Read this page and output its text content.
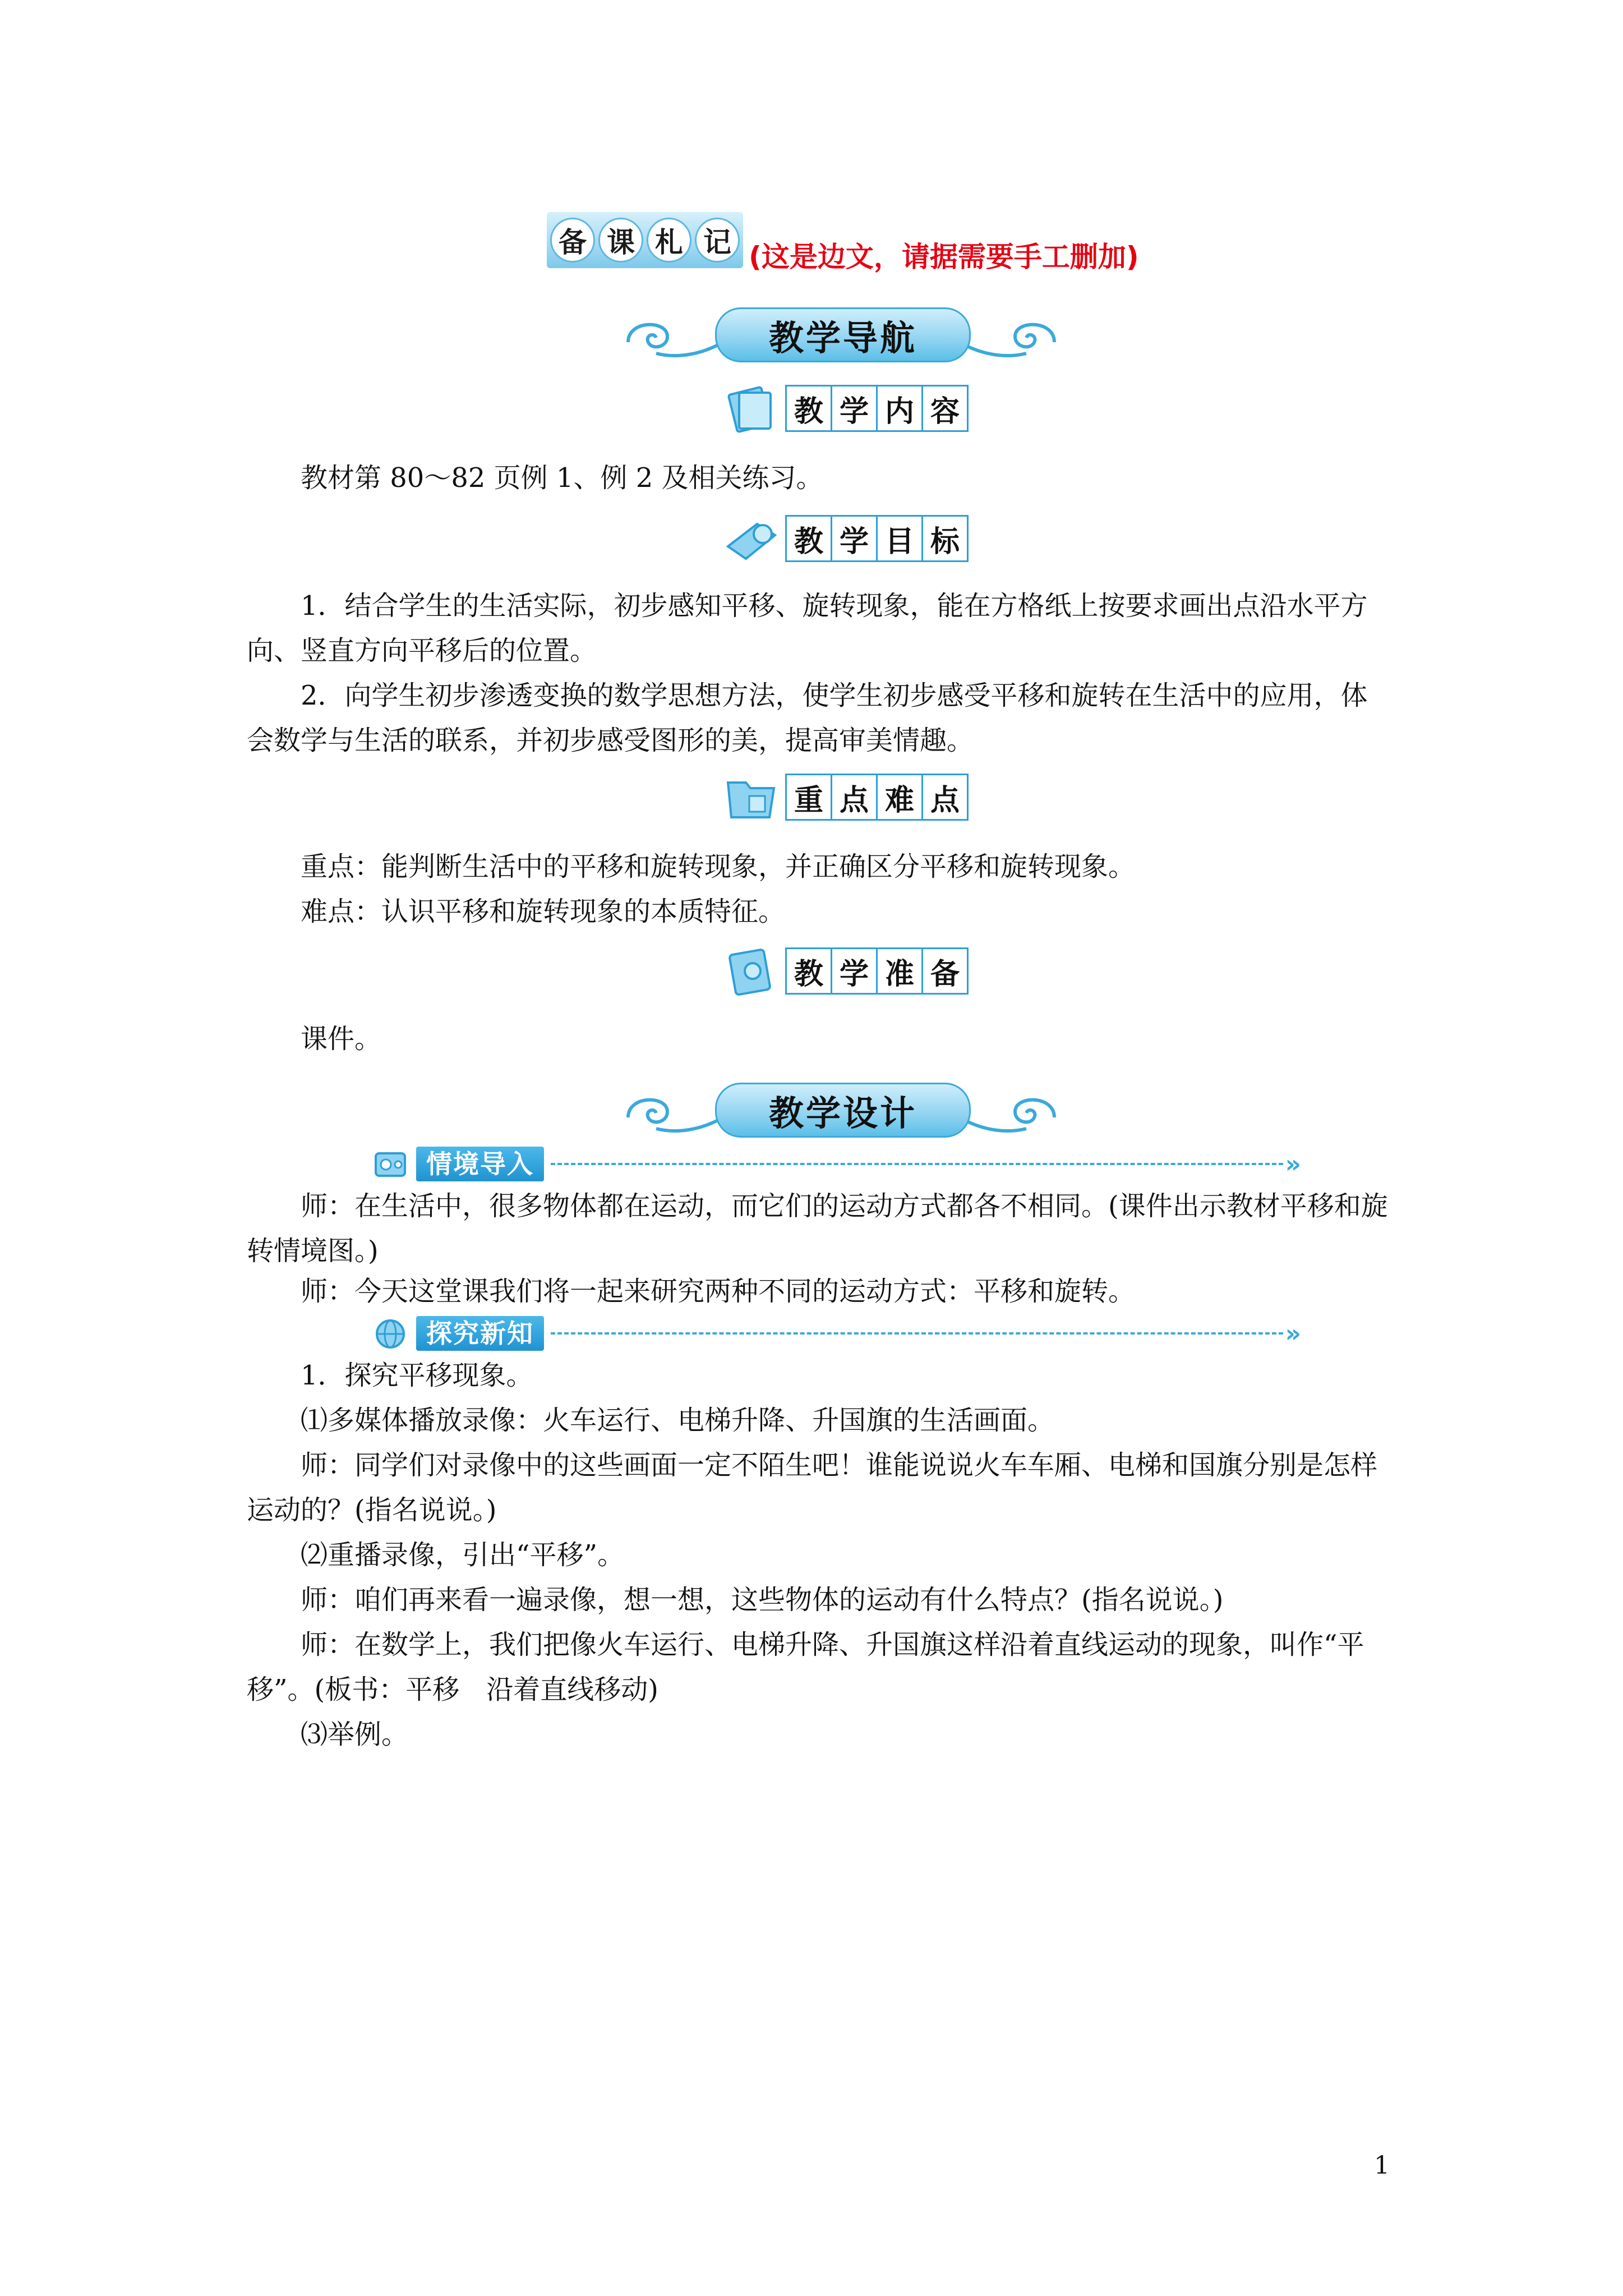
备 课 札 记 (这是边文，请据需要手工删加)
教学导航
教 学 内 容

教材第 80～82 页例 1、例 2 及相关练习。

教 学 目 标

1．结合学生的生活实际，初步感知平移、旋转现象，能在方格纸上按要求画出点沿水平方向、竖直方向平移后的位置。

2．向学生初步渗透变换的数学思想方法，使学生初步感受平移和旋转在生活中的应用，体会数学与生活的联系，并初步感受图形的美，提高审美情趣。

重 点 难 点

重点：能判断生活中的平移和旋转现象，并正确区分平移和旋转现象。

难点：认识平移和旋转现象的本质特征。

教 学 准 备

课件。

教学设计
情境导入	»

师：在生活中，很多物体都在运动，而它们的运动方式都各不相同。(课件出示教材平移和旋转情境图。)

师：今天这堂课我们将一起来研究两种不同的运动方式：平移和旋转。

探究新知	»

1．探究平移现象。

⑴多媒体播放录像：火车运行、电梯升降、升国旗的生活画面。

师：同学们对录像中的这些画面一定不陌生吧！谁能说说火车车厢、电梯和国旗分别是怎样运动的？(指名说说。)

⑵重播录像，引出“平移”。

师：咱们再来看一遍录像，想一想，这些物体的运动有什么特点？(指名说说。)

师：在数学上，我们把像火车运行、电梯升降、升国旗这样沿着直线运动的现象，叫作“平移”。(板书：平移　沿着直线移动)

⑶举例。

1
